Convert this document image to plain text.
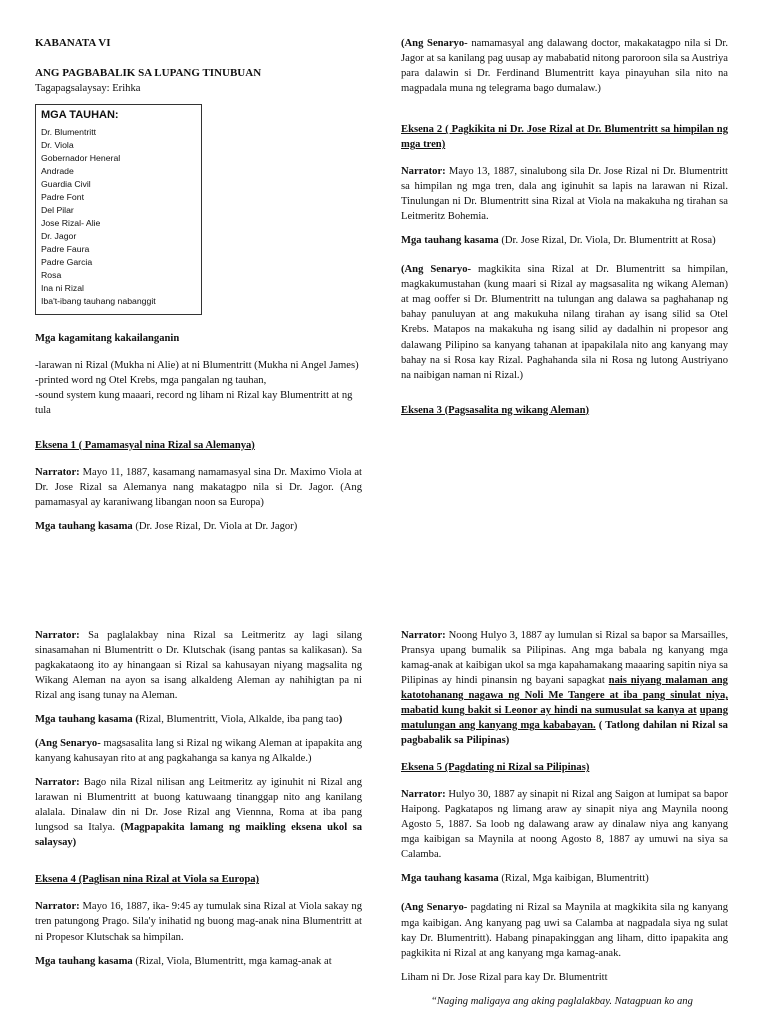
KABANATA VI
ANG PAGBABALIK SA LUPANG TINUBUAN
Tagapagsalaysay: Erihka
MGA TAUHAN:
Dr. Blumentritt
Dr. Viola
Gobernador Heneral
Andrade
Guardia Civil
Padre Font
Del Pilar
Jose Rizal- Alie
Dr. Jagor
Padre Faura
Padre Garcia
Rosa
Ina ni Rizal
Iba't-ibang tauhang nabanggit

Mga kagamitang kakailanganin

-larawan ni Rizal (Mukha ni Alie) at ni Blumentritt (Mukha ni Angel James)
-printed word ng Otel Krebs, mga pangalan ng tauhan,
-sound system kung maaari, record ng liham ni Rizal kay Blumentritt at ng tula

Eksena 1 ( Pamamasyal nina Rizal sa Alemanya)

Narrator: Mayo 11, 1887, kasamang namamasyal sina Dr. Maximo Viola at Dr. Jose Rizal sa Alemanya nang makatagpo nila si Dr. Jagor. (Ang pamamasyal ay karaniwang libangan noon sa Europa)

Mga tauhang kasama (Dr. Jose Rizal, Dr. Viola at Dr. Jagor)

(Ang Senaryo- namamasyal ang dalawang doctor, makakatagpo nila si Dr. Jagor at sa kanilang pag uusap ay mababatid nitong paroroon sila sa Austriya para dalawin si Dr. Ferdinand Blumentritt kaya pinayuhan sila nito na magpadala muna ng telegrama bago dumalaw.)

Eksena 2 ( Pagkikita ni Dr. Jose Rizal at Dr. Blumentritt sa himpilan ng mga tren)

Narrator: Mayo 13, 1887, sinalubong sila Dr. Jose Rizal ni Dr. Blumentritt sa himpilan ng mga tren, dala ang iginuhit sa lapis na larawan ni Rizal. Tinulungan ni Dr. Blumentritt sina Rizal at Viola na makakuha ng tirahan sa Leitmeritz Bohemia.

Mga tauhang kasama (Dr. Jose Rizal, Dr. Viola, Dr. Blumentritt at Rosa)

(Ang Senaryo- magkikita sina Rizal at Dr. Blumentritt sa himpilan, magkakumustahan (kung maari si Rizal ay magsasalita ng wikang Aleman) at mag ooffer si Dr. Blumentritt na tulungan ang dalawa sa paghahanap ng bahay panuluyan at ang makukuha nilang tirahan ay isang silid sa Otel Krebs. Matapos na makakuha ng isang silid ay dadalhin ni propesor ang dalawang Pilipino sa kanyang tahanan at ipapakilala nito ang kanyang may bahay na si Rosa kay Rizal. Paghahanda sila ni Rosa ng lutong Austriyano na naibigan naman ni Rizal.)

Eksena 3 (Pagsasalita ng wikang Aleman)

Narrator: Sa paglalakbay nina Rizal sa Leitmeritz ay lagi silang sinasamahan ni Blumentritt o Dr. Klutschak (isang pantas sa kalikasan). Sa pagkakataong ito ay hinangaan si Rizal sa kahusayan niyang magsalita ng Wikang Aleman na ayon sa isang alkaldeng Aleman ay nahihigtan pa ni Rizal ang isang tunay na Aleman.

Mga tauhang kasama (Rizal, Blumentritt, Viola, Alkalde, iba pang tao)

(Ang Senaryo- magsasalita lang si Rizal ng wikang Aleman at ipapakita ang kanyang kahusayan rito at ang pagkahanga sa kanya ng Alkalde.)

Narrator: Bago nila Rizal nilisan ang Leitmeritz ay iginuhit ni Rizal ang larawan ni Blumentritt at buong katuwaang tinanggap nito ang kanilang alalala. Dinalaw din ni Dr. Jose Rizal ang Viennna, Roma at iba pang lungsod sa Italya. (Magpapakita lamang ng maikling eksena ukol sa salaysay)

Eksena 4 (Paglisan nina Rizal at Viola sa Europa)

Narrator: Mayo 16, 1887, ika- 9:45 ay tumulak sina Rizal at Viola sakay ng tren patungong Prago. Sila'y inihatid ng buong mag-anak nina Blumentritt at ni Propesor Klutschak sa himpilan.

Mga tauhang kasama (Rizal, Viola, Blumentritt, mga kamag-anak at

Narrator: Noong Hulyo 3, 1887 ay lumulan si Rizal sa bapor sa Marsailles, Pransya upang bumalik sa Pilipinas. Ang mga babala ng kanyang mga kamag-anak at kaibigan ukol sa mga kapahamakang maaaring sapitin niya sa Pilipinas ay hindi pinansin ng bayani sapagkat nais niyang malaman ang katotohanang nagawa ng Noli Me Tangere at iba pang sinulat niya, mabatid kung bakit si Leonor ay hindi na sumusulat sa kanya at upang matulungan ang kanyang mga kababayan. ( Tatlong dahilan ni Rizal sa pagbabalik sa Pilipinas)

Eksena 5 (Pagdating ni Rizal sa Pilipinas)

Narrator: Hulyo 30, 1887 ay sinapit ni Rizal ang Saigon at lumipat sa bapor Haipong. Pagkatapos ng limang araw ay sinapit niya ang Maynila noong Agosto 5, 1887. Sa loob ng dalawang araw ay dinalaw niya ang kanyang mga kaibigan sa Maynila at noong Agosto 8, 1887 ay umuwi na siya sa Calamba.

Mga tauhang kasama (Rizal, Mga kaibigan, Blumentritt)

(Ang Senaryo- pagdating ni Rizal sa Maynila at magkikita sila ng kanyang mga kaibigan. Ang kanyang pag uwi sa Calamba at nagpadala siya ng sulat kay Dr. Blumentritt). Habang pinapakinggan ang liham, ditto ipapakita ang pagkikita ni Rizal at ang kanyang mga kamag-anak.

Liham ni Dr. Jose Rizal para kay Dr. Blumentritt

“Naging maligaya ang aking paglalakbay. Natagpuan ko ang
